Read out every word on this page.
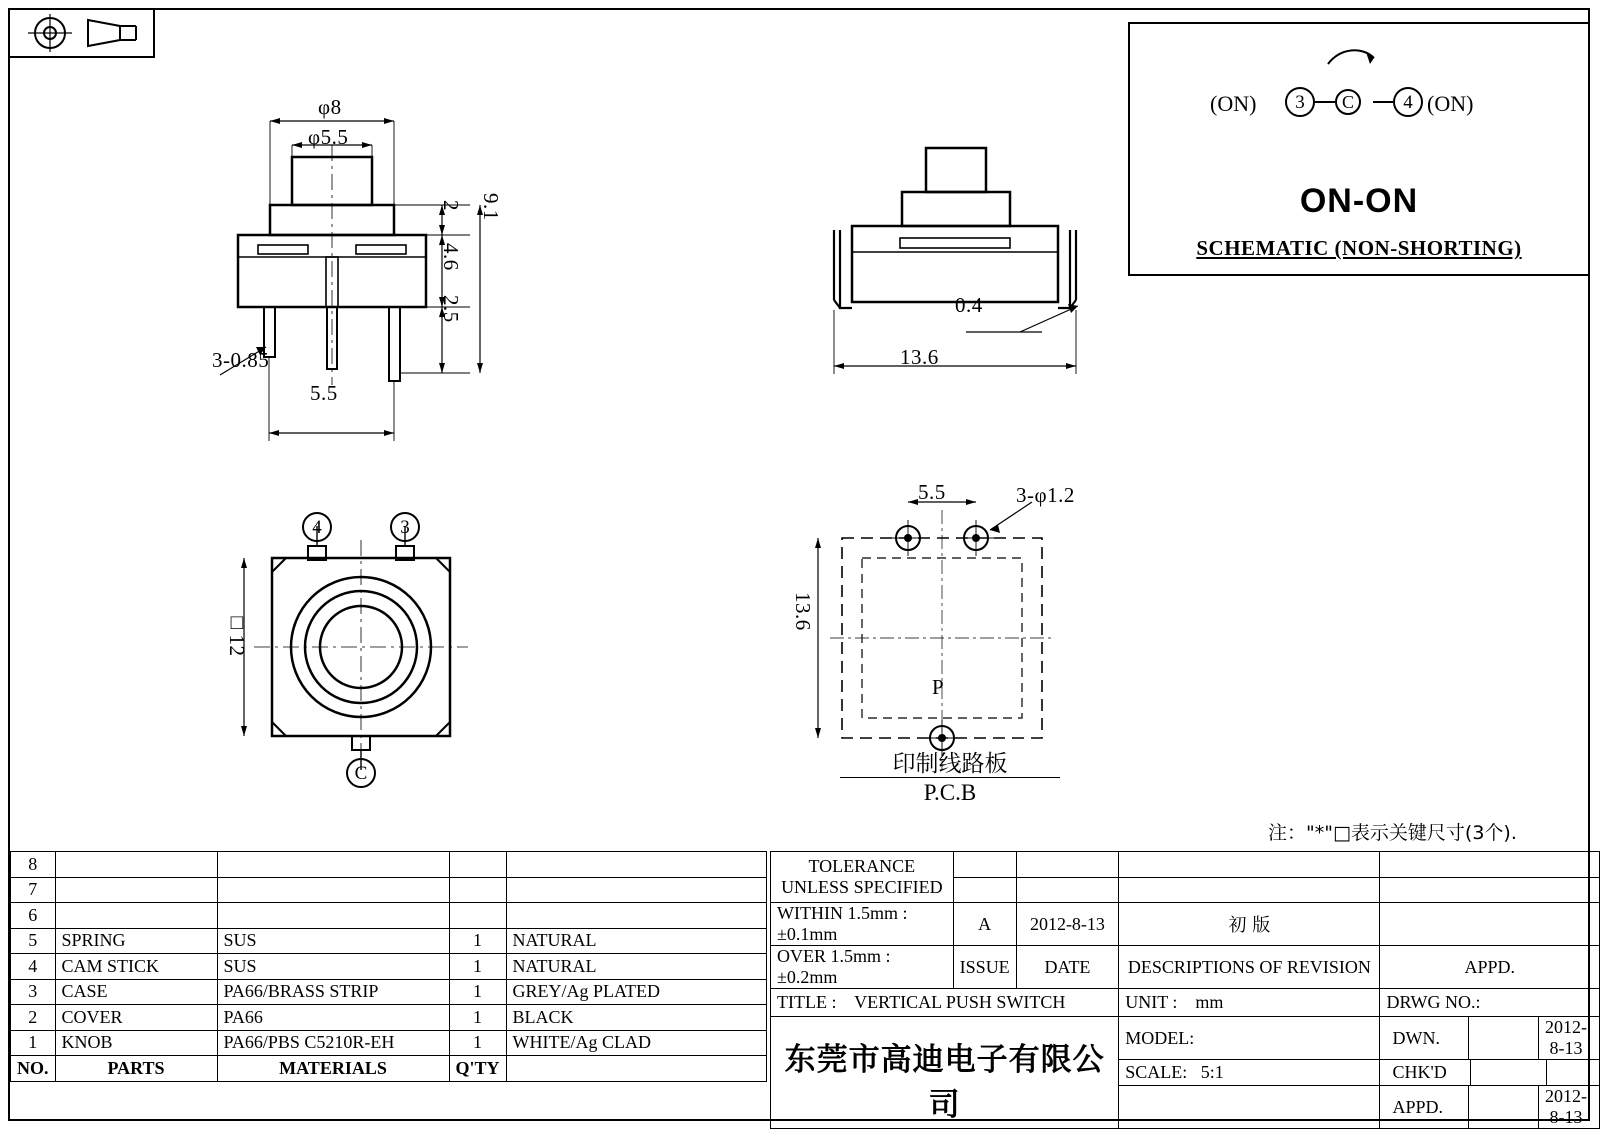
3	C	4
(ON)	(ON)
ON-ON
SCHEMATIC (NON-SHORTING)
φ8
φ5.5
2
4.6
2.5
9.1
3-0.85
5.5
0.4
13.6
4	3
C
□12
5.5	3-φ1.2
13.6
P
印制线路板
P.C.B
注："*"□表示关键尺寸(3个).
8				
7				
6				
5	SPRING	SUS	1	NATURAL
4	CAM STICK	SUS	1	NATURAL
3	CASE	PA66/BRASS STRIP	1	GREY/Ag PLATED
2	COVER	PA66	1	BLACK
1	KNOB	PA66/PBS C5210R-EH	1	WHITE/Ag CLAD
NO.	PARTS	MATERIALS	Q'TY	
TOLERANCE
UNLESS SPECIFIED

WITHIN 1.5mm : ±0.1mm	A	2012-8-13	初 版	
OVER 1.5mm : ±0.2mm	ISSUE	DATE	DESCRIPTIONS OF REVISION	APPD.
TITLE : VERTICAL PUSH SWITCH	UNIT : mm	DRWG NO.:
东莞市高迪电子有限公司	MODEL:		DWN.		2012-8-13

SCALE: 5:1		CHK'D		

APPD.		2012-8-13
